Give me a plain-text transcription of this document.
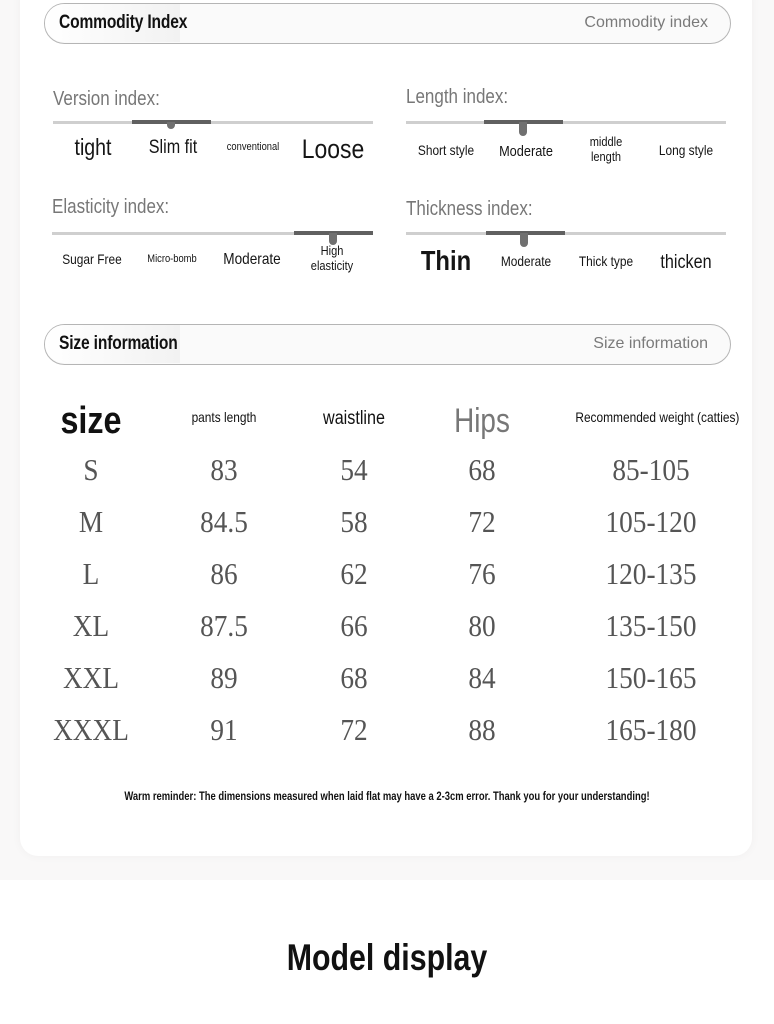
Commodity Index	Commodity index
Version index:
tight	Slim fit	conventional Loose
Length index:
Short style	Moderate
middle length	Long style
Elasticity index:
Sugar Free	Micro-bomb	Moderate
High elasticity
Thickness index:
Thin	Moderate	Thick type	thicken
Size information	Size information
size	pants length	waistline	Hips	Recommended weight (catties)
S	83	54	68	85-105
M	84.5	58	72	105-120
L	86	62	76	120-135
XL	87.5	66	80	135-150
XXL	89	68	84	150-165
XXXL	91	72	88	165-180
Warm reminder: The dimensions measured when laid flat may have a 2-3cm error. Thank you for your understanding!
Model display
